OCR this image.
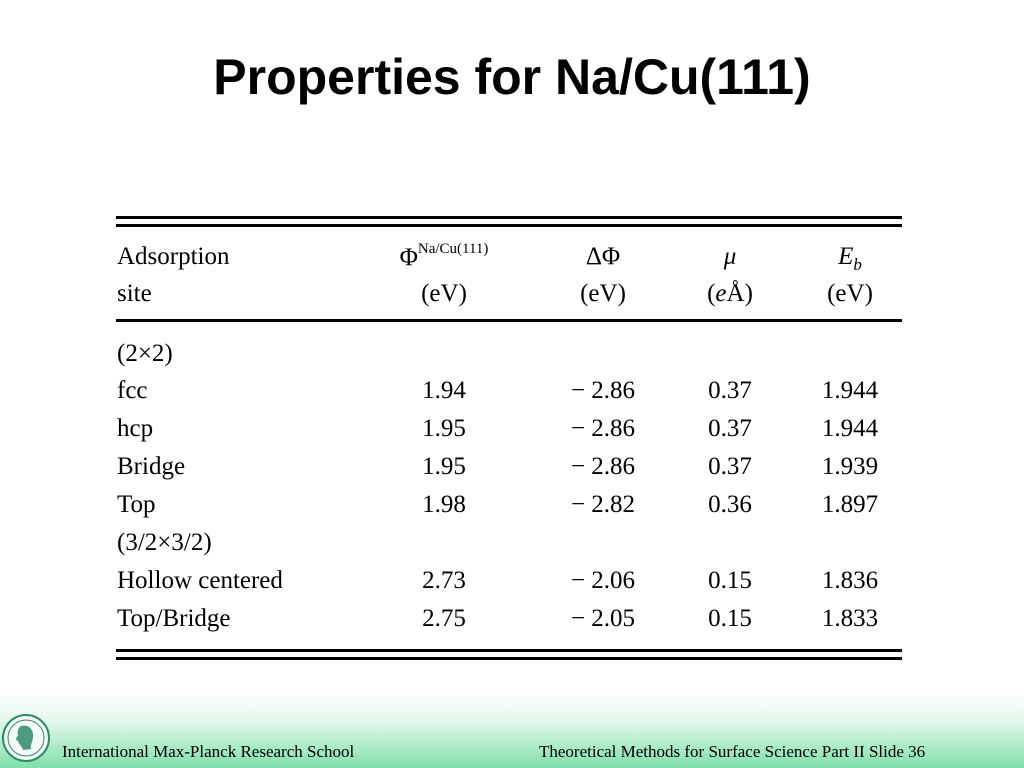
Properties for Na/Cu(111)
Adsorption	$\Phi^{Na/Cu(111)}$	ΔΦ	μ	$E_b$
site	(eV)	(eV)	(eÅ)	(eV)
(2×2)
fcc	1.94	− 2.86	0.37	1.944
hcp	1.95	− 2.86	0.37	1.944
Bridge	1.95	− 2.86	0.37	1.939
Top	1.98	− 2.82	0.36	1.897
(3/2×3/2)
Hollow centered	2.73	− 2.06	0.15	1.836
Top/Bridge	2.75	− 2.05	0.15	1.833
International Max-Planck Research School	Theoretical Methods for Surface Science Part II Slide 36
